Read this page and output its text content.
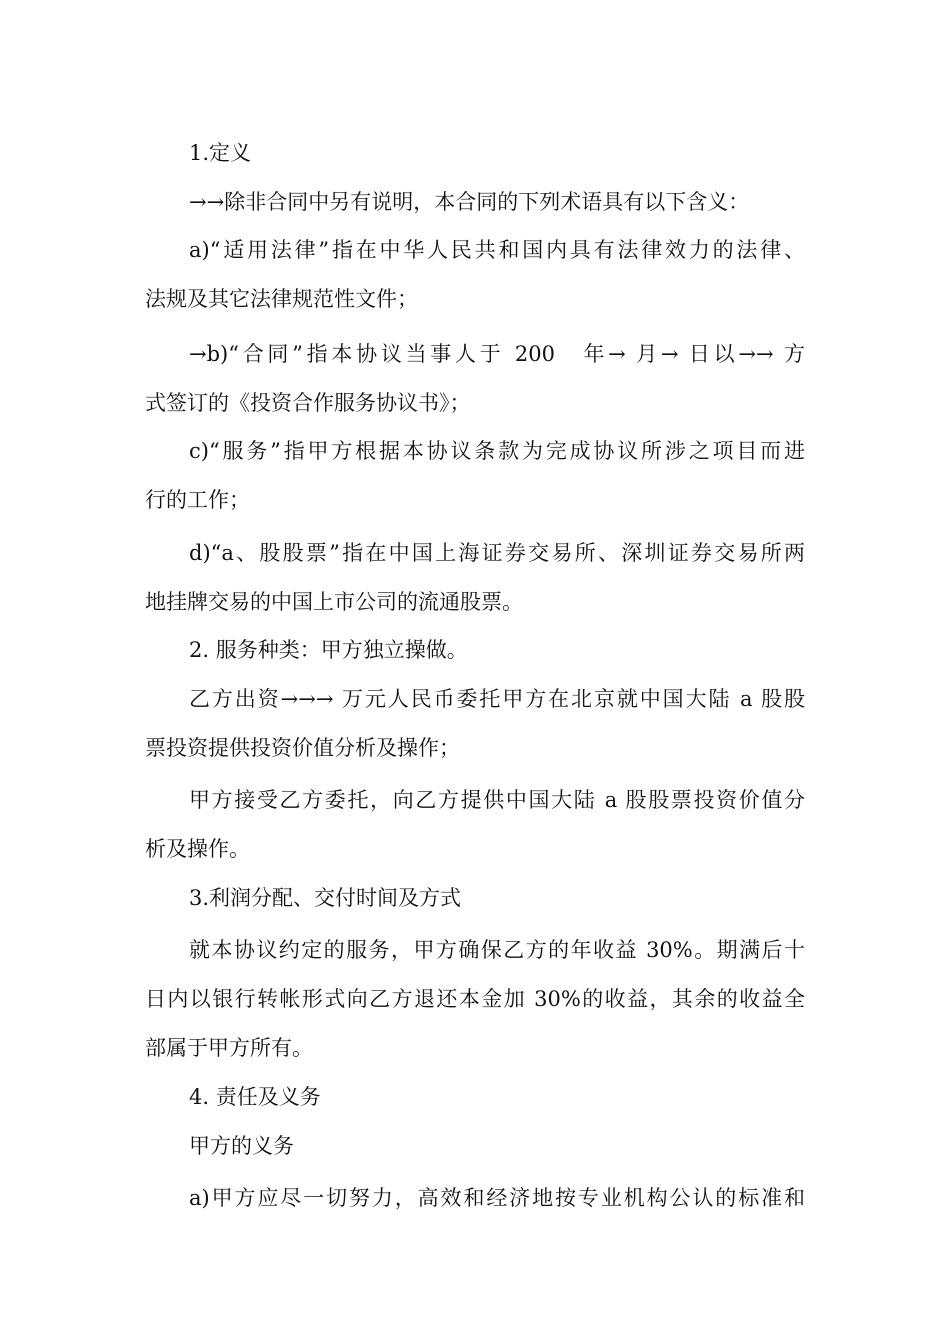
1.定义
→→除非合同中另有说明，本合同的下列术语具有以下含义：
a)“适用法律”指在中华人民共和国内具有法律效力的法律、
法规及其它法律规范性文件；
→b)“合同”指本协议当事人于 200　年→ 月→ 日以→→ 方
式签订的《投资合作服务协议书》；
c)“服务”指甲方根据本协议条款为完成协议所涉之项目而进
行的工作；
d)“a、股股票”指在中国上海证券交易所、深圳证券交易所两
地挂牌交易的中国上市公司的流通股票。
2. 服务种类：甲方独立操做。
乙方出资→→→ 万元人民币委托甲方在北京就中国大陆 a 股股
票投资提供投资价值分析及操作；
甲方接受乙方委托，向乙方提供中国大陆 a 股股票投资价值分
析及操作。
3.利润分配、交付时间及方式
就本协议约定的服务，甲方确保乙方的年收益 30%。期满后十
日内以银行转帐形式向乙方退还本金加 30%的收益，其余的收益全
部属于甲方所有。
4. 责任及义务
甲方的义务
a)甲方应尽一切努力，高效和经济地按专业机构公认的标准和
